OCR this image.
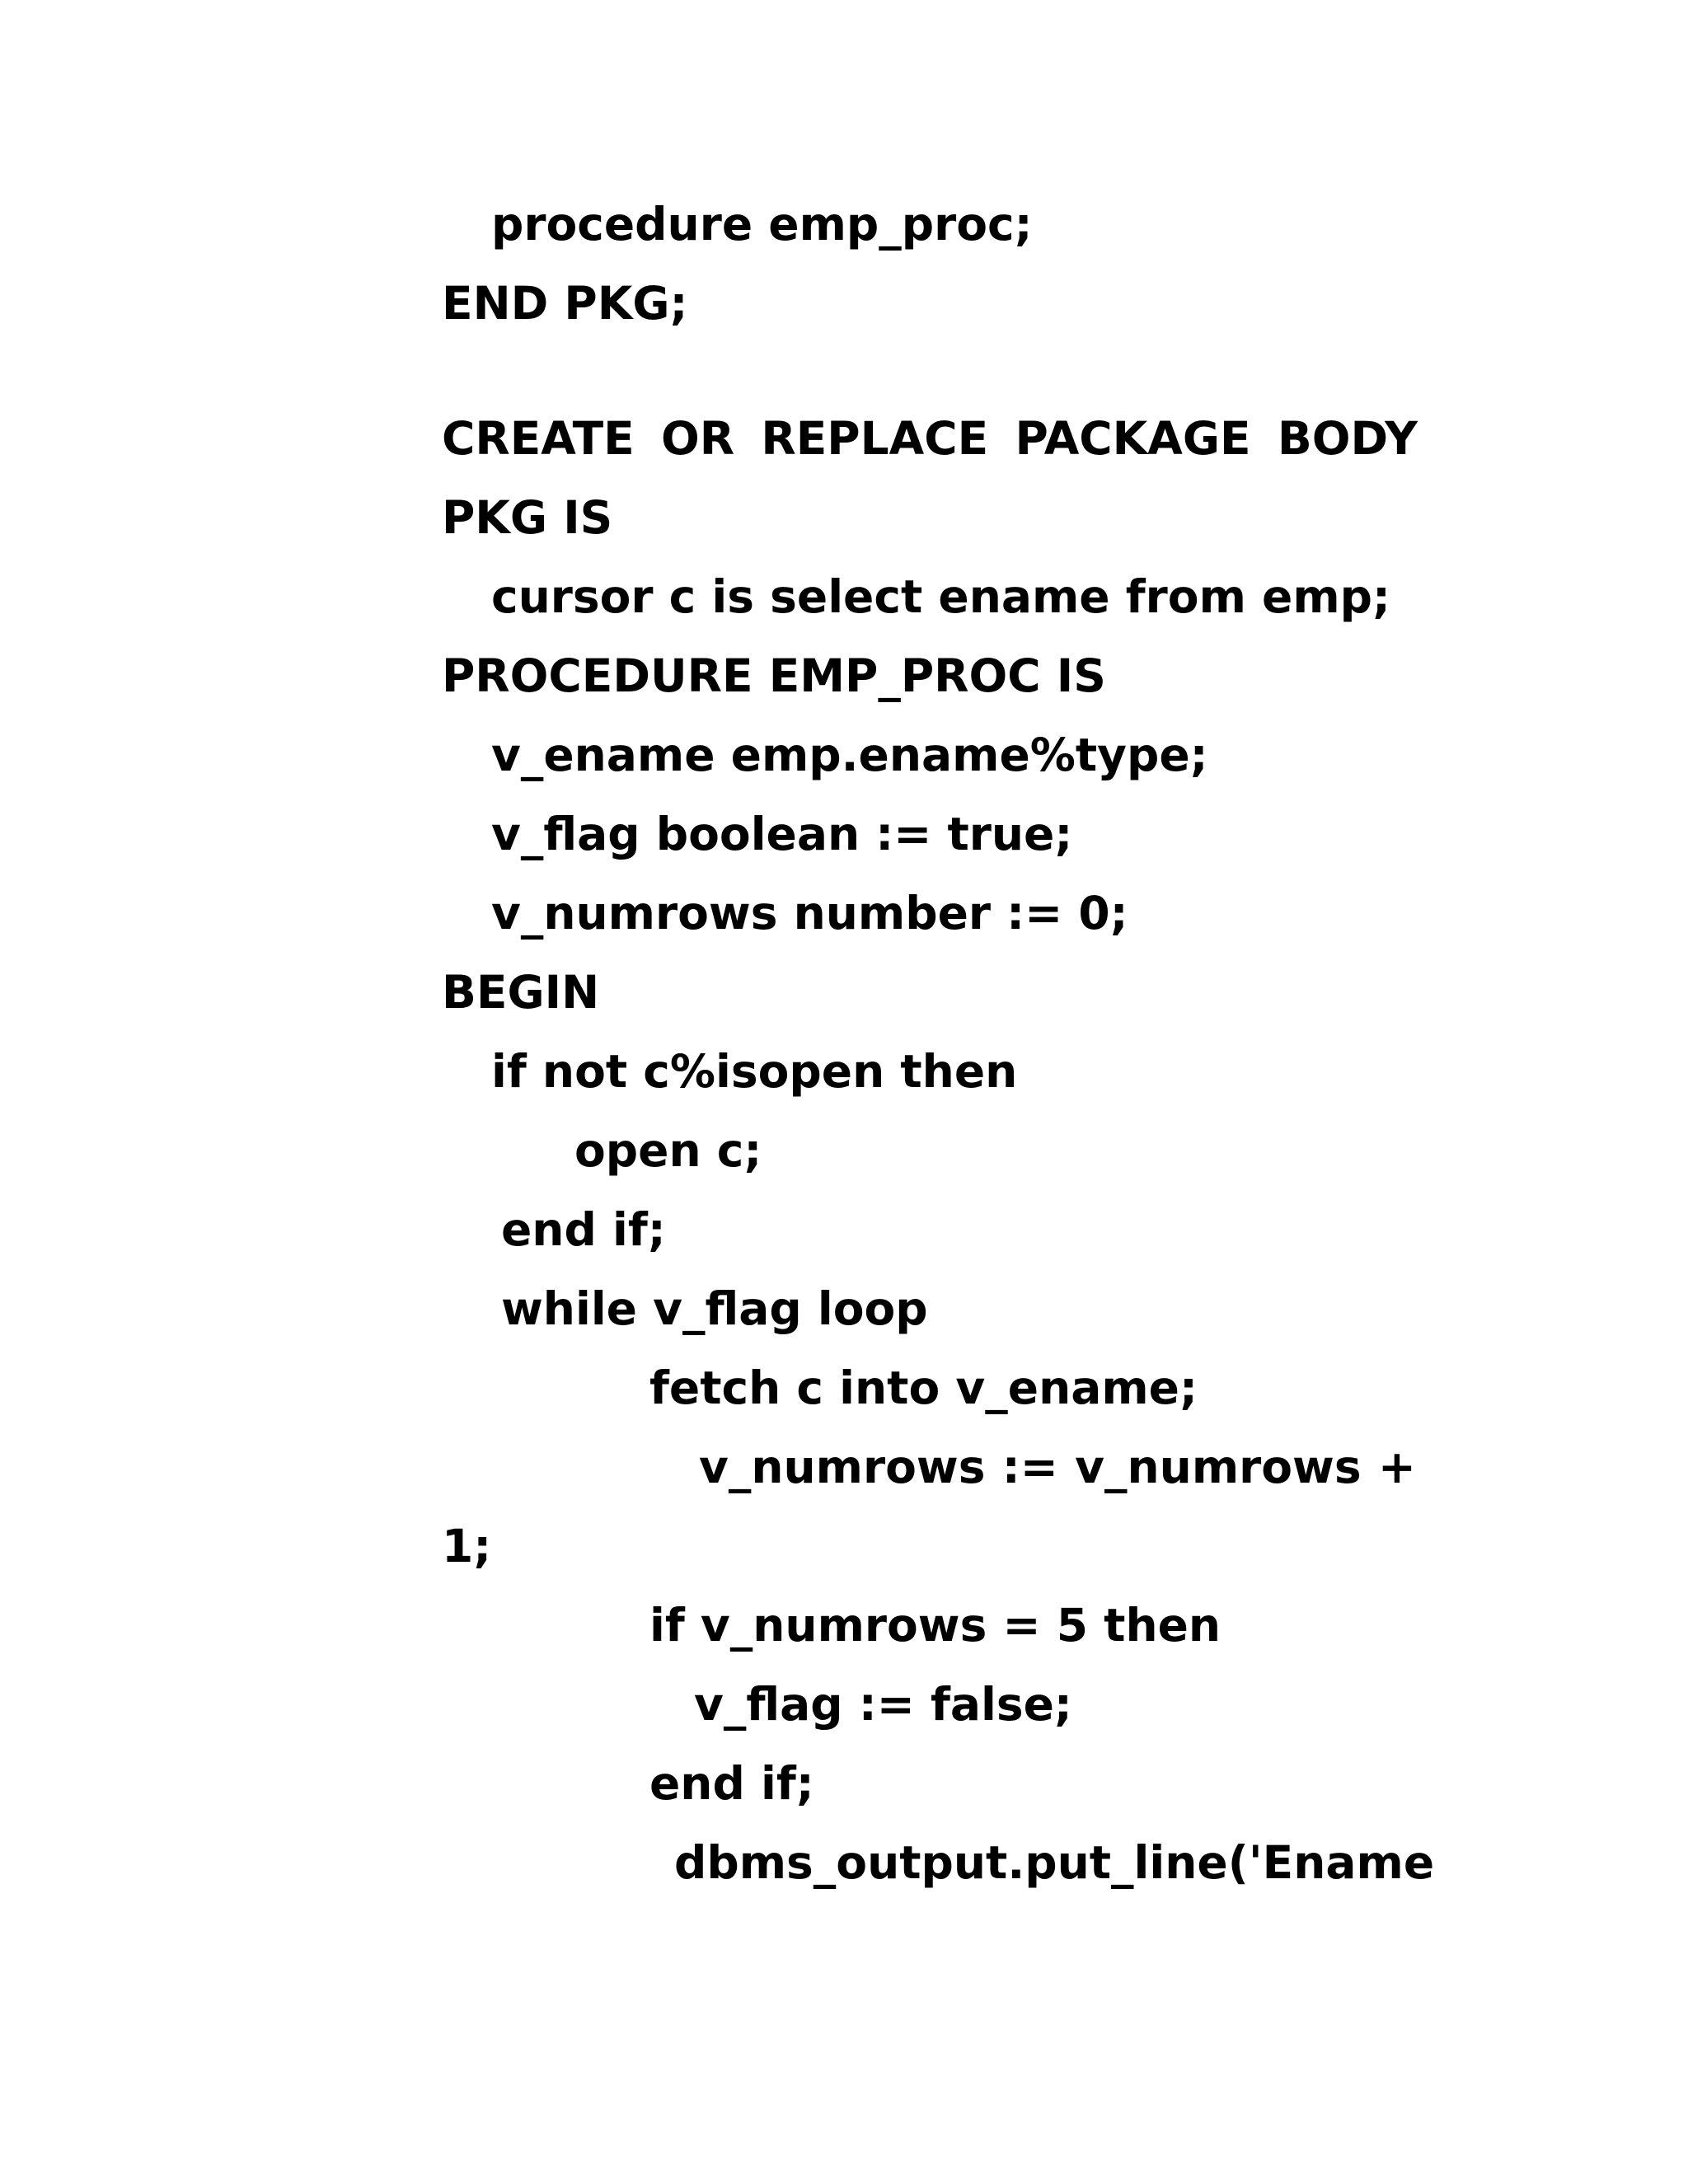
procedure emp_proc;

END PKG;

CREATE OR REPLACE PACKAGE BODY

PKG IS

cursor c is select ename from emp;

PROCEDURE EMP_PROC IS

v_ename emp.ename%type;

v_flag boolean := true;

v_numrows number := 0;

BEGIN

if not c%isopen then

open c;

end if;

while v_flag loop

fetch c into v_ename;

v_numrows := v_numrows +

1;

if v_numrows = 5 then

v_flag := false;

end if;

dbms_output.put_line('Ename
